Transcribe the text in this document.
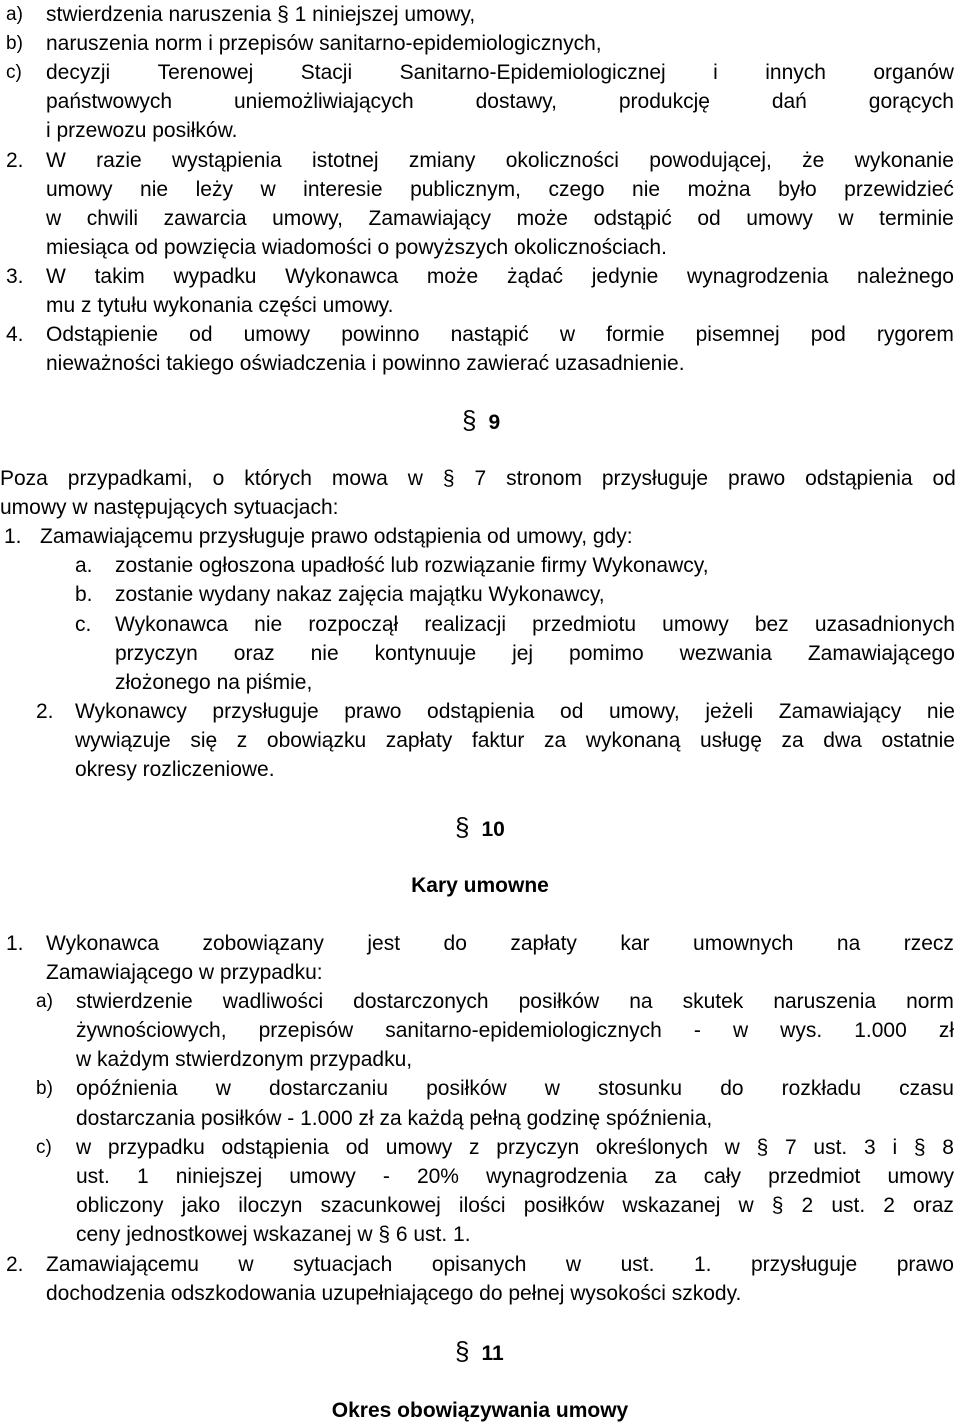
a) stwierdzenia naruszenia § 1 niniejszej umowy,
b) naruszenia norm i przepisów sanitarno-epidemiologicznych,
c) decyzji Terenowej Stacji Sanitarno-Epidemiologicznej i innych organów
państwowych	uniemożliwiających	dostawy,	produkcję	dań	gorących
i przewozu posiłków.
2. W razie wystąpienia istotnej zmiany okoliczności powodującej, że wykonanie
umowy nie leży w interesie publicznym, czego nie można było przewidzieć
w chwili zawarcia umowy, Zamawiający może odstąpić od umowy w terminie
miesiąca od powzięcia wiadomości o powyższych okolicznościach.
3. W takim wypadku Wykonawca może żądać jedynie wynagrodzenia należnego
mu z tytułu wykonania części umowy.
4. Odstąpienie od umowy powinno nastąpić w formie pisemnej pod rygorem
nieważności takiego oświadczenia i powinno zawierać uzasadnienie.
§ 9
Poza przypadkami, o których mowa w § 7 stronom przysługuje prawo odstąpienia od
umowy w następujących sytuacjach:
1. Zamawiającemu przysługuje prawo odstąpienia od umowy, gdy:
a. zostanie ogłoszona upadłość lub rozwiązanie firmy Wykonawcy,
b. zostanie wydany nakaz zajęcia majątku Wykonawcy,
c. Wykonawca nie rozpoczął realizacji przedmiotu umowy bez uzasadnionych
przyczyn oraz nie kontynuuje jej pomimo wezwania Zamawiającego
złożonego na piśmie,
2. Wykonawcy przysługuje prawo odstąpienia od umowy, jeżeli Zamawiający nie
wywiązuje się z obowiązku zapłaty faktur za wykonaną usługę za dwa ostatnie
okresy rozliczeniowe.
§ 10
Kary umowne
1. Wykonawca zobowiązany jest do zapłaty kar umownych na rzecz
Zamawiającego w przypadku:
a) stwierdzenie wadliwości dostarczonych posiłków na skutek naruszenia norm
żywnościowych, przepisów sanitarno-epidemiologicznych - w wys. 1.000 zł
w każdym stwierdzonym przypadku,
b) opóźnienia w dostarczaniu posiłków w stosunku do rozkładu czasu
dostarczania posiłków - 1.000 zł za każdą pełną godzinę spóźnienia,
c) w przypadku odstąpienia od umowy z przyczyn określonych w § 7 ust. 3 i § 8
ust. 1 niniejszej umowy - 20% wynagrodzenia za cały przedmiot umowy
obliczony jako iloczyn szacunkowej ilości posiłków wskazanej w § 2 ust. 2 oraz
ceny jednostkowej wskazanej w § 6 ust. 1.
2. Zamawiającemu w sytuacjach opisanych w ust. 1. przysługuje prawo
dochodzenia odszkodowania uzupełniającego do pełnej wysokości szkody.
§ 11
Okres obowiązywania umowy
